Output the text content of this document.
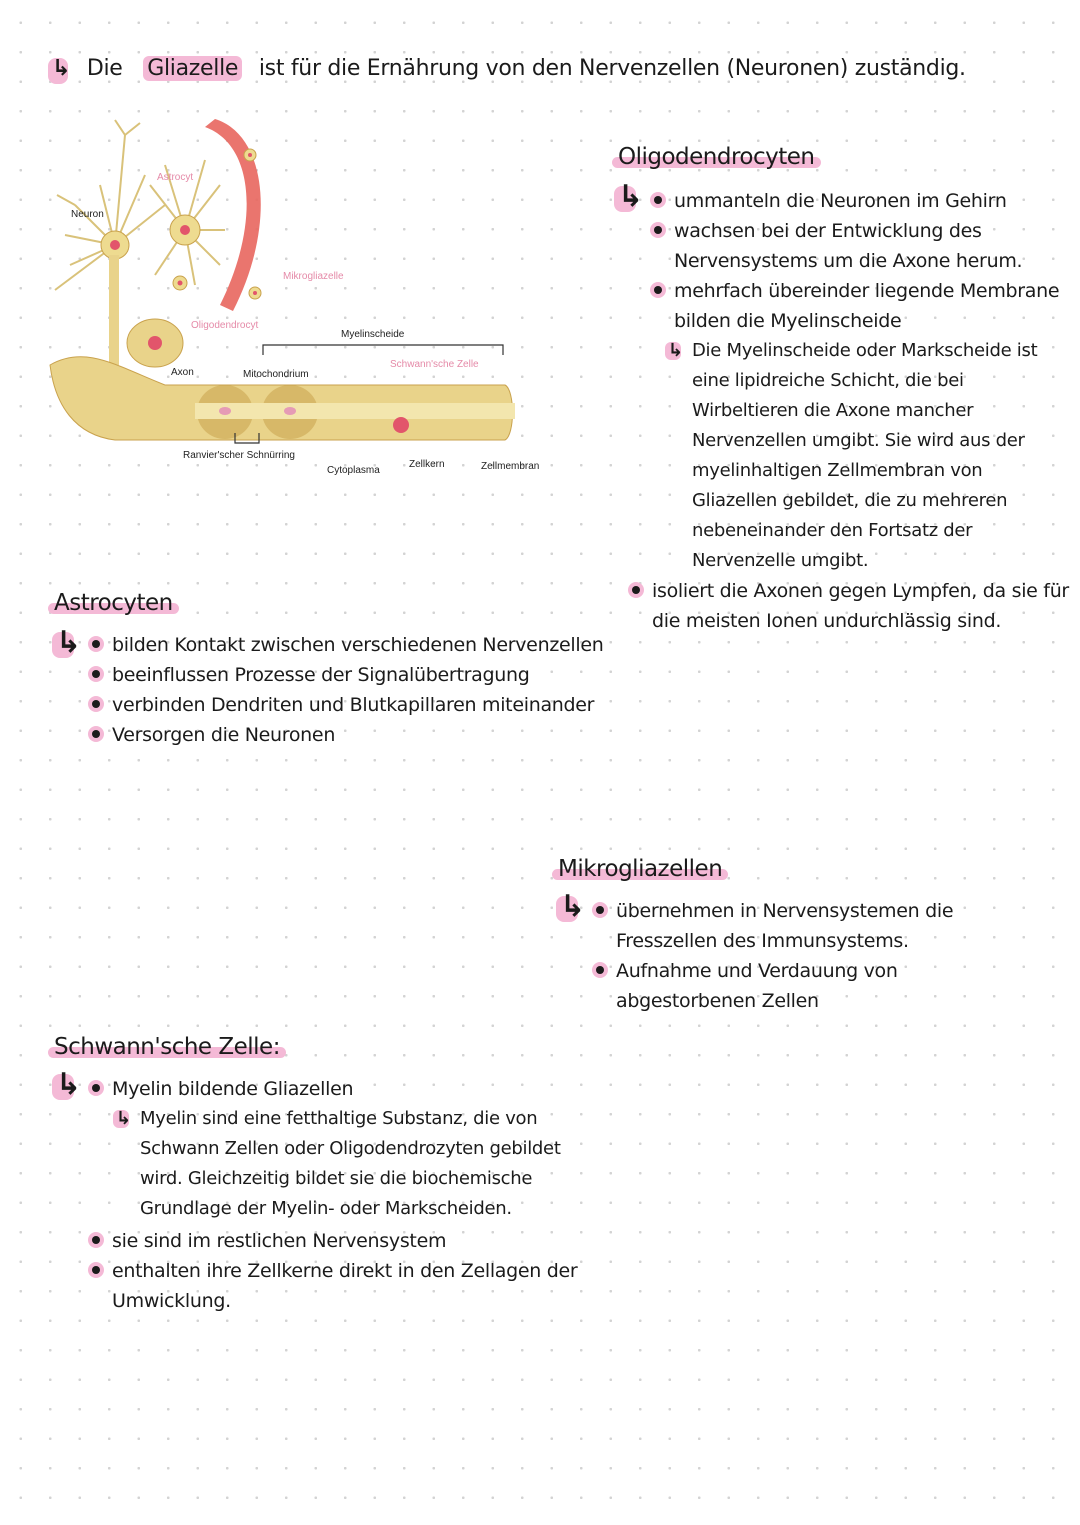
↳ Die Gliazelle ist für die Ernährung von den Nervenzellen (Neuronen) zuständig.
Neuron
Astrocyt
Mikrogliazelle
Oligodendrocyt
Myelinscheide
Axon	Mitochondrium
Schwann'sche Zelle
Ranvier'scher Schnürring
Cytoplasma
Zellkern	Zellmembran
Oligodendrocyten
↳	ummanteln die Neuronen im Gehirn
wachsen bei der Entwicklung des Nervensystems um die Axone herum.
mehrfach übereinder liegende Membrane bilden die Myelinscheide
↳ Die Myelinscheide oder Markscheide ist eine lipidreiche Schicht, die bei Wirbeltieren die Axone mancher Nervenzellen umgibt. Sie wird aus der myelinhaltigen Zellmembran von Gliazellen gebildet, die zu mehreren nebeneinander den Fortsatz der Nervenzelle umgibt.
isoliert die Axonen gegen Lympfen, da sie für die meisten Ionen undurchlässig sind.
Astrocyten
↳	bilden Kontakt zwischen verschiedenen Nervenzellen
beeinflussen Prozesse der Signalübertragung
verbinden Dendriten und Blutkapillaren miteinander
Versorgen die Neuronen
Mikrogliazellen
↳	übernehmen in Nervensystemen die Fresszellen des Immunsystems.
Aufnahme und Verdauung von abgestorbenen Zellen
Schwann'sche Zelle:
↳	Myelin bildende Gliazellen
↳ Myelin sind eine fetthaltige Substanz, die von Schwann Zellen oder Oligodendrozyten gebildet wird. Gleichzeitig bildet sie die biochemische Grundlage der Myelin- oder Markscheiden.
sie sind im restlichen Nervensystem
enthalten ihre Zellkerne direkt in den Zellagen der Umwicklung.
